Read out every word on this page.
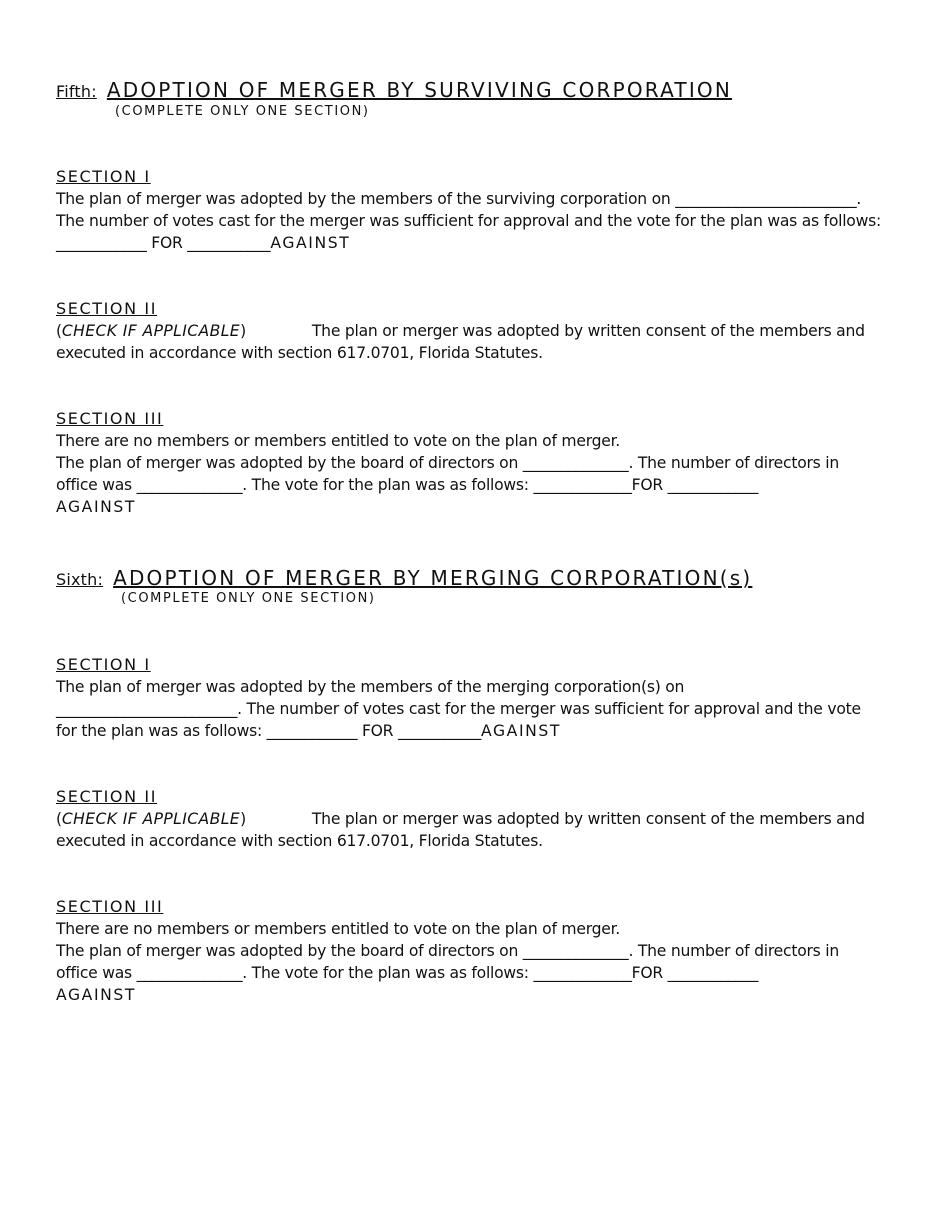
Fifth: ADOPTION OF MERGER BY SURVIVING CORPORATION
(COMPLETE ONLY ONE SECTION)
SECTION I
The plan of merger was adopted by the members of the surviving corporation on ________________________.
The number of votes cast for the merger was sufficient for approval and the vote for the plan was as follows:
____________ FOR ___________AGAINST
SECTION II
(CHECK IF APPLICABLE)	The plan or merger was adopted by written consent of the members and
executed in accordance with section 617.0701, Florida Statutes.
SECTION III
There are no members or members entitled to vote on the plan of merger.
The plan of merger was adopted by the board of directors on ______________. The number of directors in
office was ______________. The vote for the plan was as follows: _____________FOR ____________
AGAINST
Sixth: ADOPTION OF MERGER BY MERGING CORPORATION(s)
(COMPLETE ONLY ONE SECTION)
SECTION I
The plan of merger was adopted by the members of the merging corporation(s) on
________________________. The number of votes cast for the merger was sufficient for approval and the vote
for the plan was as follows: ____________ FOR ___________AGAINST
SECTION II
(CHECK IF APPLICABLE)	The plan or merger was adopted by written consent of the members and
executed in accordance with section 617.0701, Florida Statutes.
SECTION III
There are no members or members entitled to vote on the plan of merger.
The plan of merger was adopted by the board of directors on ______________. The number of directors in
office was ______________. The vote for the plan was as follows: _____________FOR ____________
AGAINST
